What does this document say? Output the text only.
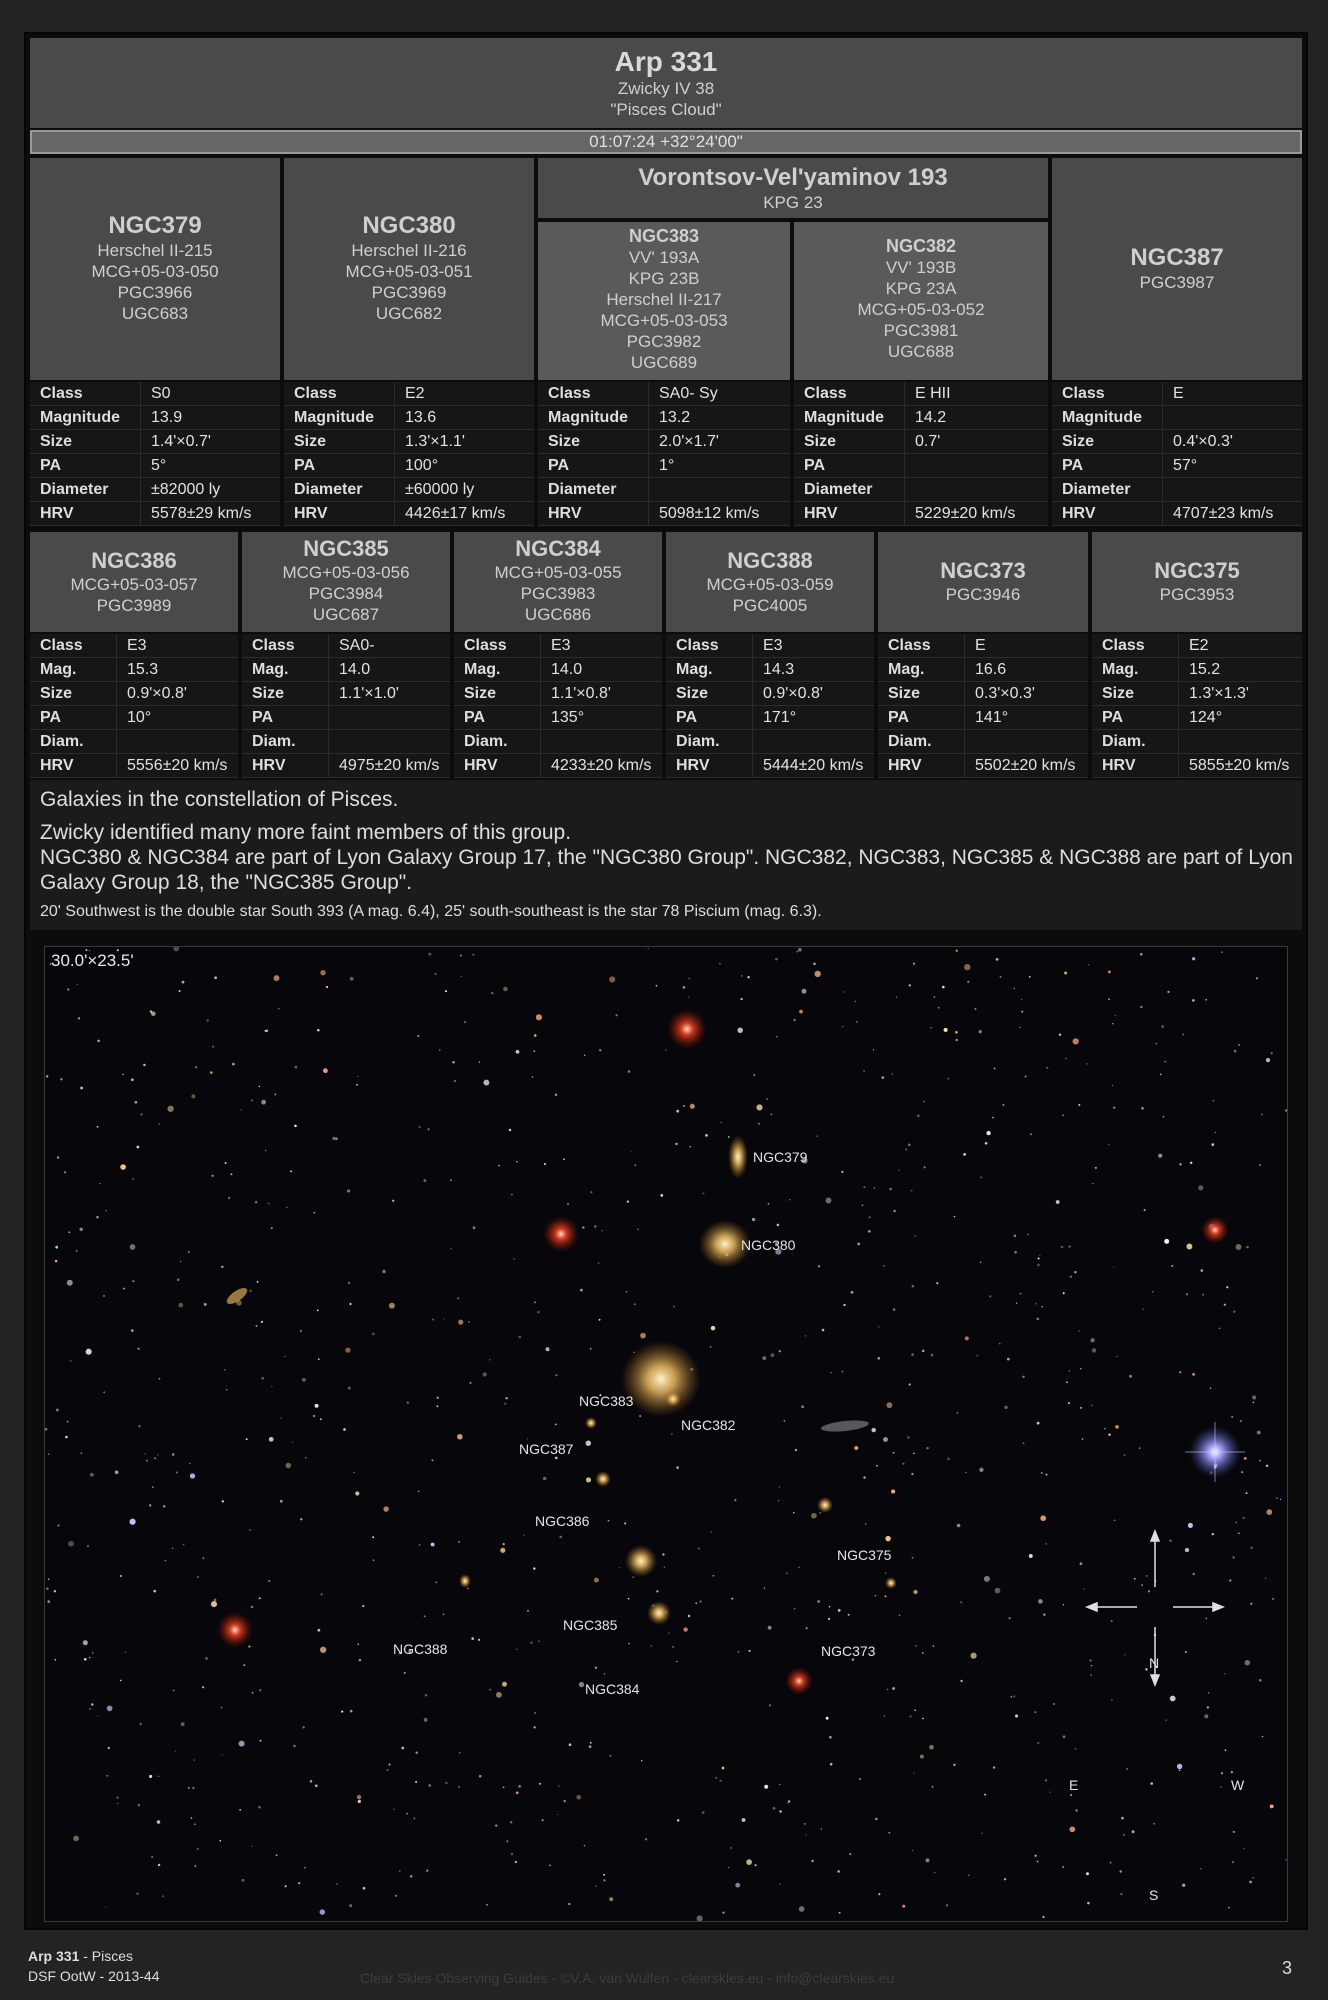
Arp 331
Zwicky IV 38
"Pisces Cloud"
01:07:24 +32°24'00"
NGC379
Herschel II-215
MCG+05-03-050
PGC3966
UGC683
NGC380
Herschel II-216
MCG+05-03-051
PGC3969
UGC682
Vorontsov-Vel'yaminov 193
KPG 23
NGC383
VV' 193A
KPG 23B
Herschel II-217
MCG+05-03-053
PGC3982
UGC689
NGC382
VV' 193B
KPG 23A
MCG+05-03-052
PGC3981
UGC688
NGC387
PGC3987
Class	S0
Magnitude	13.9
Size	1.4'×0.7'
PA	5°
Diameter	±82000 ly
HRV	5578±29 km/s
Class	E2
Magnitude	13.6
Size	1.3'×1.1'
PA	100°
Diameter	±60000 ly
HRV	4426±17 km/s
Class	SA0- Sy
Magnitude	13.2
Size	2.0'×1.7'
PA	1°
Diameter	
HRV	5098±12 km/s
Class	E HII
Magnitude	14.2
Size	0.7'
PA	
Diameter	
HRV	5229±20 km/s
Class	E
Magnitude	
Size	0.4'×0.3'
PA	57°
Diameter	
HRV	4707±23 km/s
NGC386
MCG+05-03-057
PGC3989
NGC385
MCG+05-03-056
PGC3984
UGC687
NGC384
MCG+05-03-055
PGC3983
UGC686
NGC388
MCG+05-03-059
PGC4005
NGC373
PGC3946
NGC375
PGC3953
Class	E3
Mag.	15.3
Size	0.9'×0.8'
PA	10°
Diam.	
HRV	5556±20 km/s
Class	SA0-
Mag.	14.0
Size	1.1'×1.0'
PA	
Diam.	
HRV	4975±20 km/s
Class	E3
Mag.	14.0
Size	1.1'×0.8'
PA	135°
Diam.	
HRV	4233±20 km/s
Class	E3
Mag.	14.3
Size	0.9'×0.8'
PA	171°
Diam.	
HRV	5444±20 km/s
Class	E
Mag.	16.6
Size	0.3'×0.3'
PA	141°
Diam.	
HRV	5502±20 km/s
Class	E2
Mag.	15.2
Size	1.3'×1.3'
PA	124°
Diam.	
HRV	5855±20 km/s

Galaxies in the constellation of Pisces.

Zwicky identified many more faint members of this group.

NGC380 & NGC384 are part of Lyon Galaxy Group 17, the "NGC380 Group". NGC382, NGC383, NGC385 & NGC388 are part of Lyon Galaxy Group 18, the "NGC385 Group".

20' Southwest is the double star South 393 (A mag. 6.4), 25' south-southeast is the star 78 Piscium (mag. 6.3).

30.0'×23.5'
NGC379
NGC380
NGC383
NGC382
NGC387
NGC386
NGC375
NGC385
NGC388	NGC373
NGC384
N
S
E	W
Arp 331 - Pisces
DSF OotW - 2013-44	Clear Skies Observing Guides - ©V.A. van Wulfen - clearskies.eu - info@clearskies.eu	3
